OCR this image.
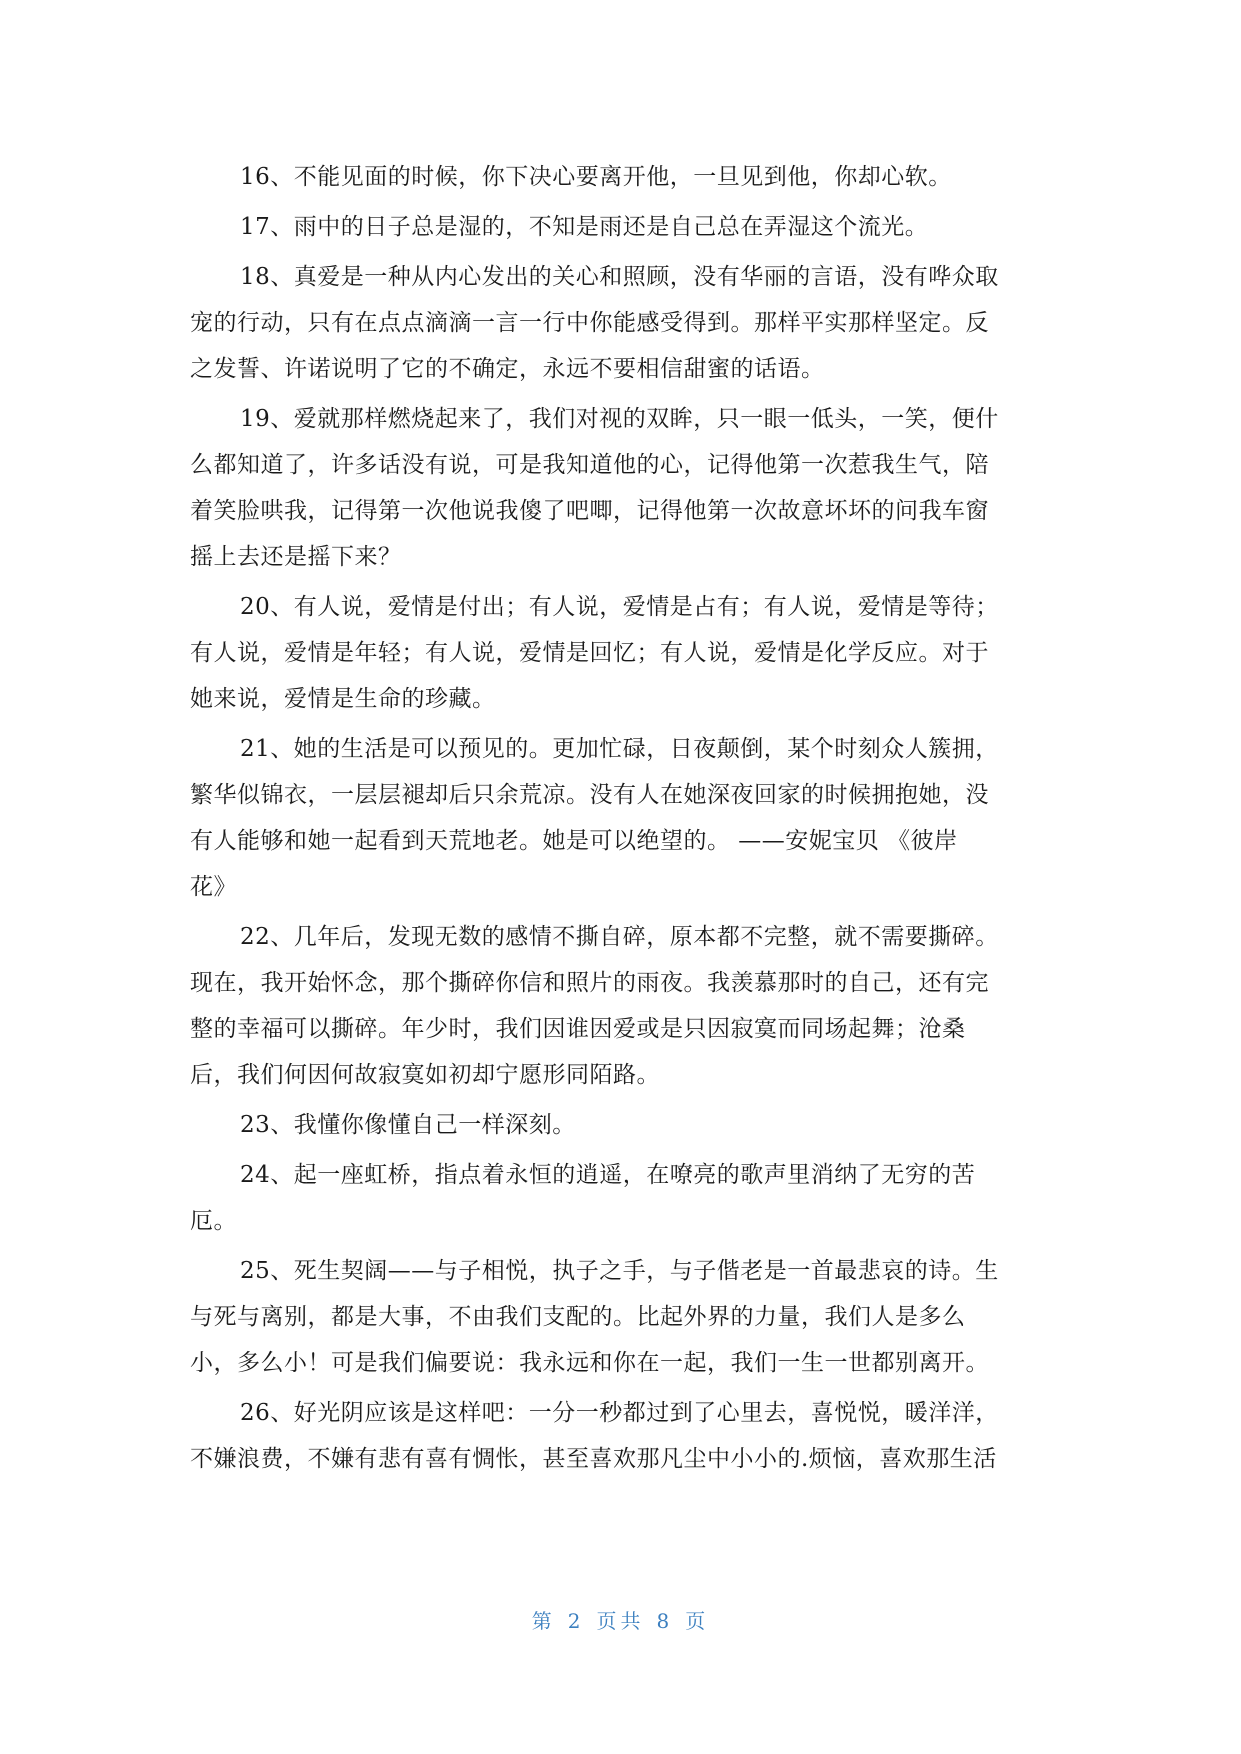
16、不能见面的时候，你下决心要离开他，一旦见到他，你却心软。

17、雨中的日子总是湿的，不知是雨还是自己总在弄湿这个流光。

18、真爱是一种从内心发出的关心和照顾，没有华丽的言语，没有哗众取
宠的行动，只有在点点滴滴一言一行中你能感受得到。那样平实那样坚定。反
之发誓、许诺说明了它的不确定，永远不要相信甜蜜的话语。

19、爱就那样燃烧起来了，我们对视的双眸，只一眼一低头，一笑，便什
么都知道了，许多话没有说，可是我知道他的心，记得他第一次惹我生气，陪
着笑脸哄我，记得第一次他说我傻了吧唧，记得他第一次故意坏坏的问我车窗
摇上去还是摇下来？

20、有人说，爱情是付出；有人说，爱情是占有；有人说，爱情是等待；
有人说，爱情是年轻；有人说，爱情是回忆；有人说，爱情是化学反应。对于
她来说，爱情是生命的珍藏。

21、她的生活是可以预见的。更加忙碌，日夜颠倒，某个时刻众人簇拥，
繁华似锦衣，一层层褪却后只余荒凉。没有人在她深夜回家的时候拥抱她，没
有人能够和她一起看到天荒地老。她是可以绝望的。 ——安妮宝贝 《彼岸
花》

22、几年后，发现无数的感情不撕自碎，原本都不完整，就不需要撕碎。
现在，我开始怀念，那个撕碎你信和照片的雨夜。我羡慕那时的自己，还有完
整的幸福可以撕碎。年少时，我们因谁因爱或是只因寂寞而同场起舞；沧桑
后，我们何因何故寂寞如初却宁愿形同陌路。

23、我懂你像懂自己一样深刻。

24、起一座虹桥，指点着永恒的逍遥，在嘹亮的歌声里消纳了无穷的苦
厄。

25、死生契阔——与子相悦，执子之手，与子偕老是一首最悲哀的诗。生
与死与离别，都是大事，不由我们支配的。比起外界的力量，我们人是多么
小，多么小！可是我们偏要说：我永远和你在一起，我们一生一世都别离开。

26、好光阴应该是这样吧：一分一秒都过到了心里去，喜悦悦，暖洋洋，
不嫌浪费，不嫌有悲有喜有惆怅，甚至喜欢那凡尘中小小的.烦恼，喜欢那生活

第 2 页共 8 页
